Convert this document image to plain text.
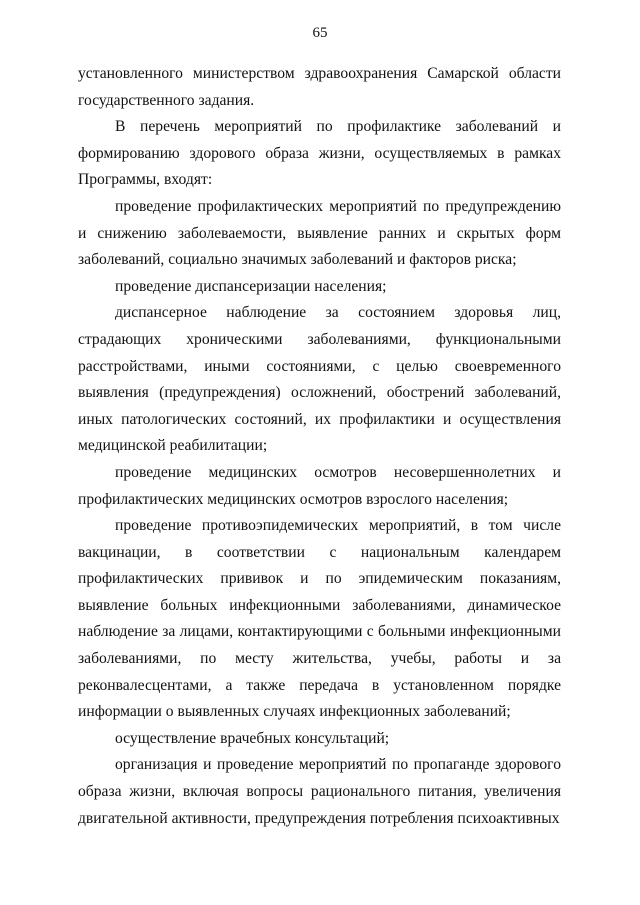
65

установленного министерством здравоохранения Самарской области государственного задания.

В перечень мероприятий по профилактике заболеваний и формированию здорового образа жизни, осуществляемых в рамках Программы, входят:

проведение профилактических мероприятий по предупреждению и снижению заболеваемости, выявление ранних и скрытых форм заболеваний, социально значимых заболеваний и факторов риска;

проведение диспансеризации населения;

диспансерное наблюдение за состоянием здоровья лиц, страдающих хроническими заболеваниями, функциональными расстройствами, иными состояниями, с целью своевременного выявления (предупреждения) осложнений, обострений заболеваний, иных патологических состояний, их профилактики и осуществления медицинской реабилитации;

проведение медицинских осмотров несовершеннолетних и профилактических медицинских осмотров взрослого населения;

проведение противоэпидемических мероприятий, в том числе вакцинации, в соответствии с национальным календарем профилактических прививок и по эпидемическим показаниям, выявление больных инфекционными заболеваниями, динамическое наблюдение за лицами, контактирующими с больными инфекционными заболеваниями, по месту жительства, учебы, работы и за реконвалесцентами, а также передача в установленном порядке информации о выявленных случаях инфекционных заболеваний;

осуществление врачебных консультаций;

организация и проведение мероприятий по пропаганде здорового образа жизни, включая вопросы рационального питания, увеличения двигательной активности, предупреждения потребления психоактивных
